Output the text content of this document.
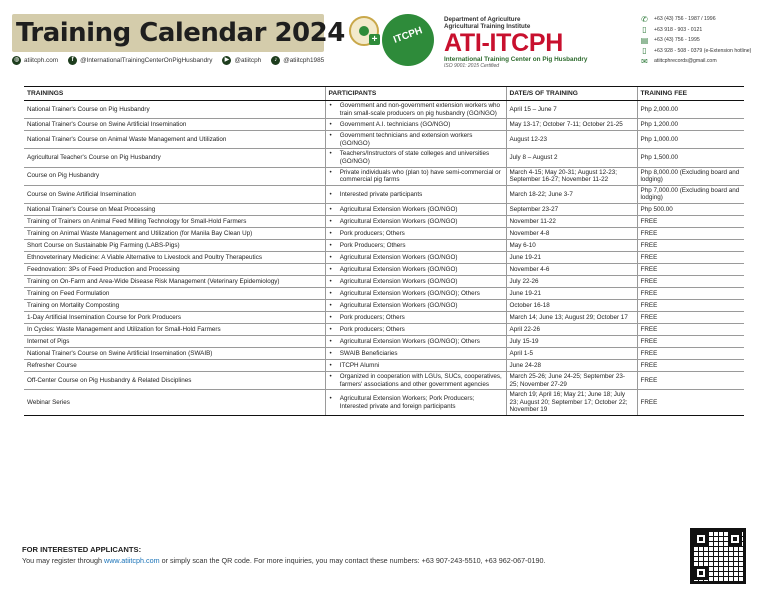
Training Calendar 2024
◍ atiitcph.com	f	@InternationalTrainingCenterOnPigHusbandry	▶ @atiitcph	♪ @atiitcph1985
+	ITCPH
Department of Agriculture
Agricultural Training Institute
ATI-ITCPH
International Training Center on Pig Husbandry
ISO 9001: 2015 Certified
✆ +63 (43) 756 - 1987 / 1996
▯	+63 918 - 903 - 0121
▤ +63 (43) 756 - 1995
▯	+63 928 - 508 - 0379 (e-Extension hotline)
✉ atiitcphrecords@gmail.com
TRAININGS	PARTICIPANTS	DATE/S OF TRAINING	TRAINING FEE
National Trainer's Course on Pig Husbandry	• Government and non-government extension workers who train small-scale producers on pig husbandry (GO/NGO)	April 15 – June 7	Php 2,000.00
National Trainer's Course on Swine Artificial Insemination	• Government A.I. technicians (GO/NGO)	May 13-17; October 7-11; October 21-25	Php 1,200.00
National Trainer's Course on Animal Waste Management and Utilization	• Government technicians and extension workers (GO/NGO)	August 12-23	Php 1,000.00
Agricultural Teacher's Course on Pig Husbandry	• Teachers/Instructors of state colleges and universities (GO/NGO)	July 8 – August 2	Php 1,500.00
Course on Pig Husbandry	• Private individuals who (plan to) have semi-commercial or commercial pig farms	March 4-15; May 20-31; August 12-23; September 16-27; November 11-22	Php 8,000.00 (Excluding board and lodging)
Course on Swine Artificial Insemination	• Interested private participants	March 18-22; June 3-7	Php 7,000.00 (Excluding board and lodging)
National Trainer's Course on Meat Processing	• Agricultural Extension Workers (GO/NGO)	September 23-27	Php 500.00
Training of Trainers on Animal Feed Milling Technology for Small-Hold Farmers	• Agricultural Extension Workers (GO/NGO)	November 11-22	FREE
Training on Animal Waste Management and Utilization (for Manila Bay Clean Up)	• Pork producers; Others	November 4-8	FREE
Short Course on Sustainable Pig Farming (LABS-Pigs)	• Pork Producers; Others	May 6-10	FREE
Ethnoveterinary Medicine: A Viable Alternative to Livestock and Poultry Therapeutics	• Agricultural Extension Workers (GO/NGO)	June 19-21	FREE
Feednovation: 3Ps of Feed Production and Processing	• Agricultural Extension Workers (GO/NGO)	November 4-6	FREE
Training on On-Farm and Area-Wide Disease Risk Management (Veterinary Epidemiology)	• Agricultural Extension Workers (GO/NGO)	July 22-26	FREE
Training on Feed Formulation	• Agricultural Extension Workers (GO/NGO); Others	June 19-21	FREE
Training on Mortality Composting	• Agricultural Extension Workers (GO/NGO)	October 16-18	FREE
1-Day Artificial Insemination Course for Pork Producers	• Pork producers; Others	March 14; June 13; August 29; October 17	FREE
In Cycles: Waste Management and Utilization for Small-Hold Farmers	• Pork producers; Others	April 22-26	FREE
Internet of Pigs	• Agricultural Extension Workers (GO/NGO); Others	July 15-19	FREE
National Trainer's Course on Swine Artificial Insemination (SWAIB)	• SWAIB Beneficiaries	April 1-5	FREE
Refresher Course	• ITCPH Alumni	June 24-28	FREE
Off-Center Course on Pig Husbandry & Related Disciplines	• Organized in cooperation with LGUs, SUCs, cooperatives, farmers' associations and other government agencies	March 25-26; June 24-25; September 23-25; November 27-29	FREE
Webinar Series	• Agricultural Extension Workers; Pork Producers; Interested private and foreign participants	March 19; April 16; May 21; June 18; July 23; August 20; September 17; October 22; November 19	FREE
FOR INTERESTED APPLICANTS:
You may register through www.atiitcph.com or simply scan the QR code. For more inquiries, you may contact these numbers: +63 907-243-5510, +63 962-067-0190.
